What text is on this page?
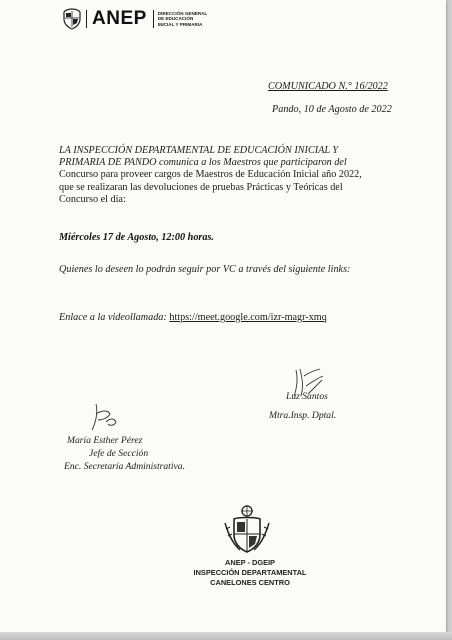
ANEP DIRECCIÓN GENERAL
DE EDUCACIÓN
INICIAL Y PRIMARIA
COMUNICADO N.° 16/2022
Pando, 10 de Agosto de 2022
LA INSPECCIÓN DEPARTAMENTAL DE EDUCACIÓN INICIAL Y
PRIMARIA DE PANDO comunica a los Maestros que participaron del
Concurso para proveer cargos de Maestros de Educación Inicial año 2022,
que se realizaran las devoluciones de pruebas Prácticas y Teóricas del
Concurso el día:
Miércoles 17 de Agosto, 12:00 horas.
Quienes lo deseen lo podrán seguir por VC a través del siguiente links:
Enlace a la videollamada: https://meet.google.com/izr-magr-xmq
Luz Santos
Mtra.Insp. Dptal.
María Esther Pérez
Jefe de Sección
Enc. Secretaría Administrativa.
ANEP - DGEIP
INSPECCIÓN DEPARTAMENTAL
CANELONES CENTRO
